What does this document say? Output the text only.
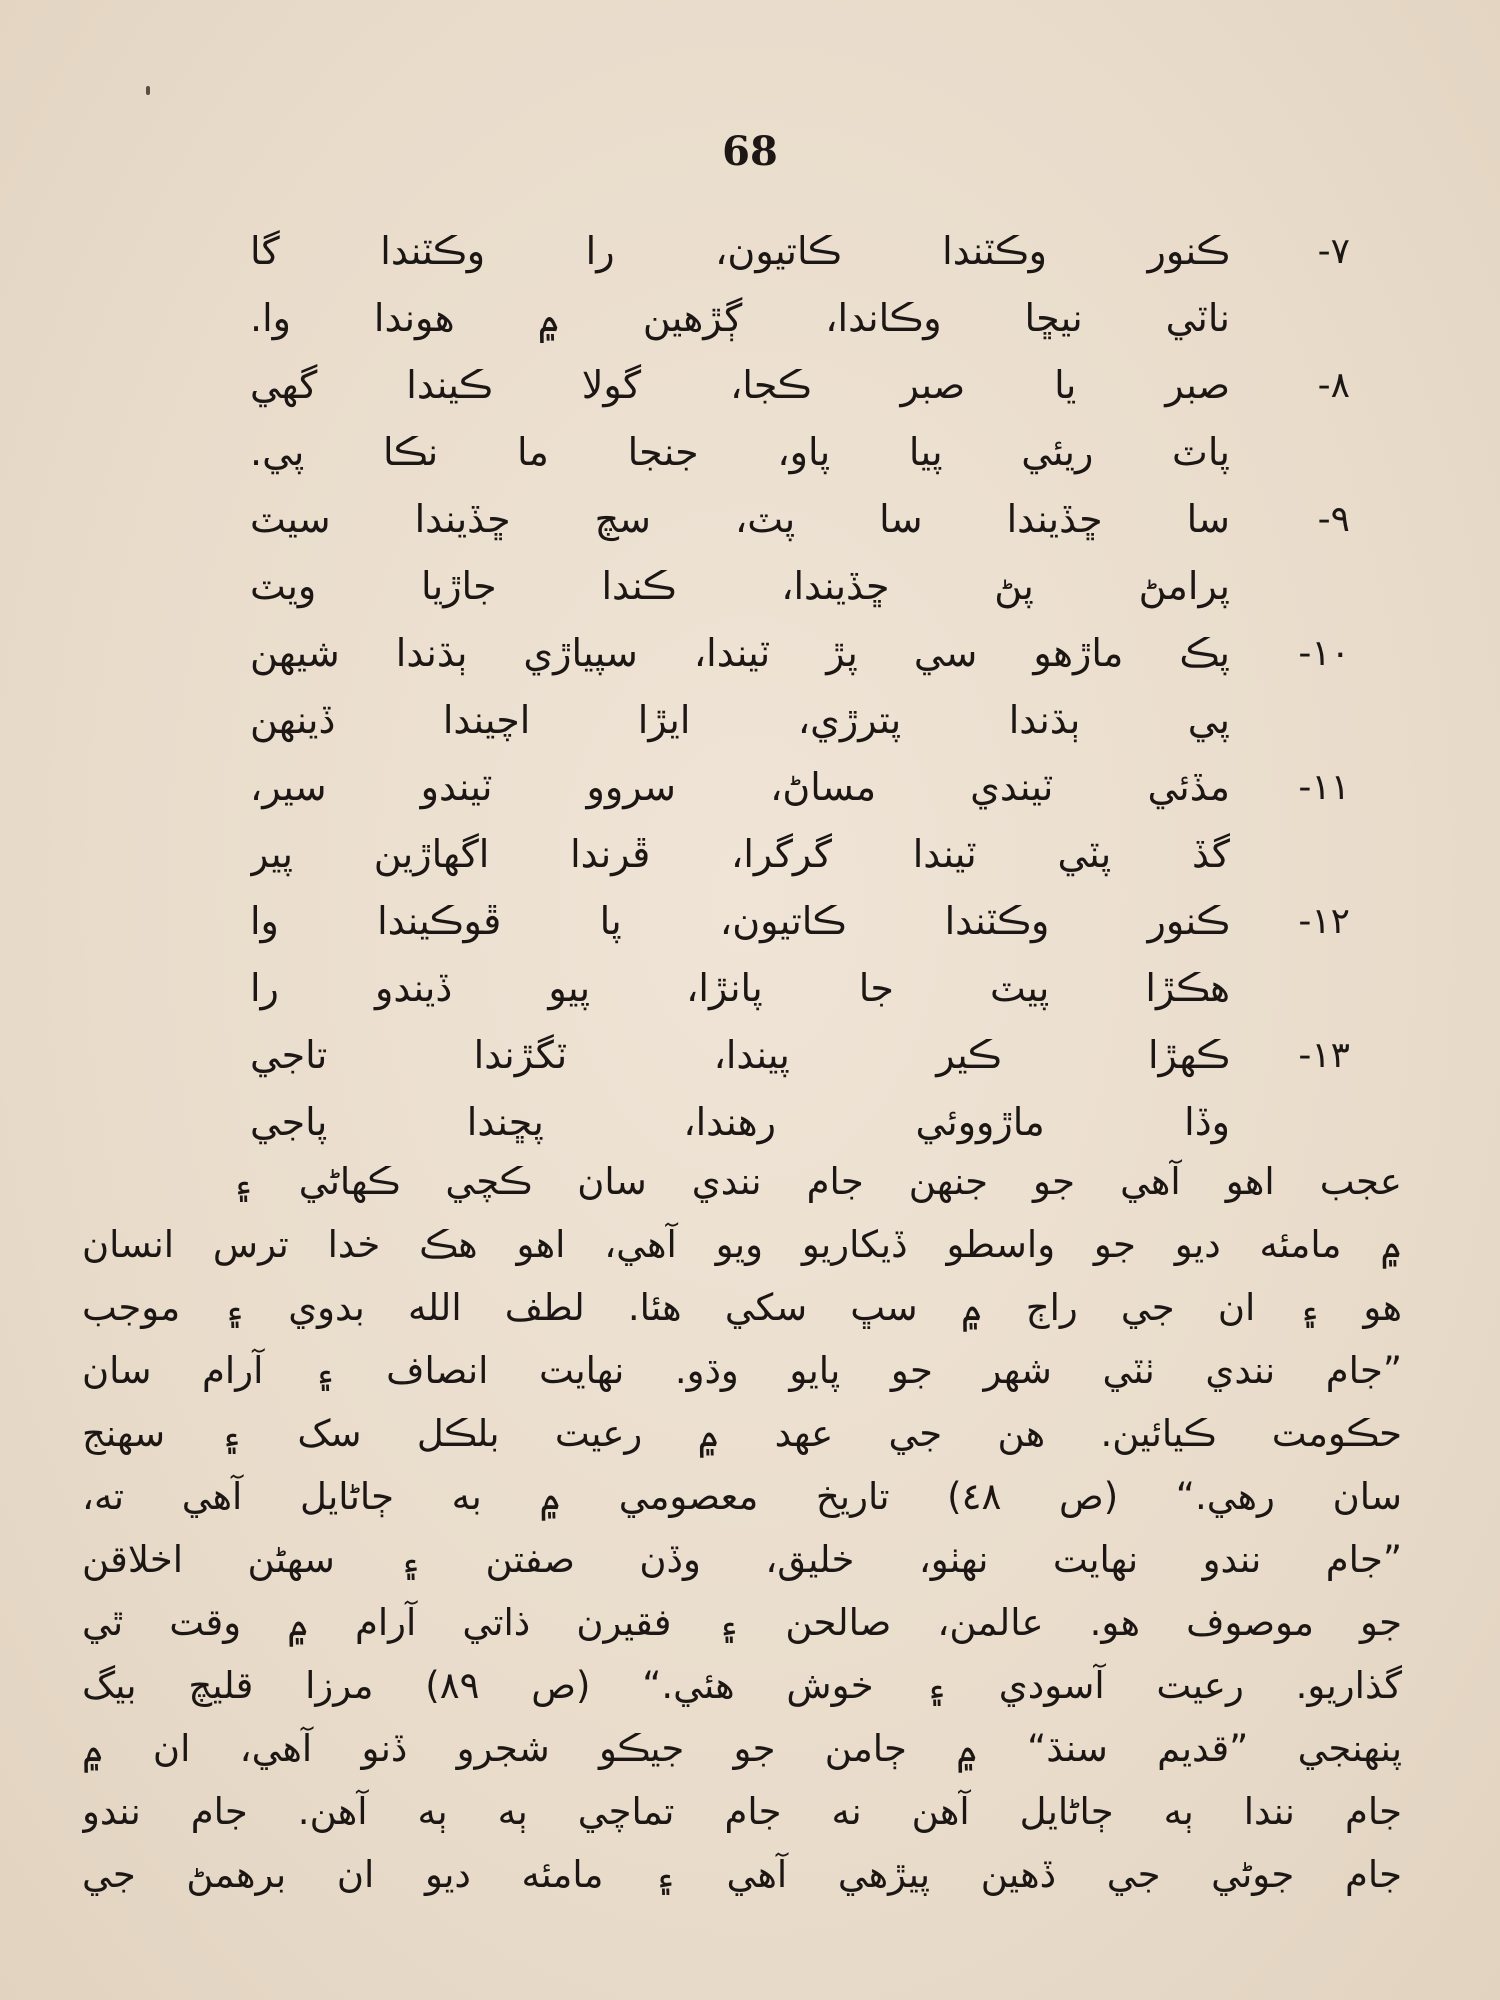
68
٧-
ڪنور وڪٽندا ڪاتيون، را وڪٽندا گا
ناٽي نيڇا وڪاندا، ڳڙهين ۾ هوندا وا.
٨-
صبر يا صبر ڪجا، گولا ڪيندا گهي
پاٽ ريئي پيا پاو، جنجا ما نڪا پي.
٩-
سا ڇڏيندا سا پٽ، سچ ڇڏيندا سيٽ
پرامڻ پڻ ڇڏيندا، ڪندا جاڙيا ويٽ
١٠-
پڪ ماڙهو سي پڙ ٽيندا، سپياڙي ٻڌندا شيهن
پي ٻڌندا پترڙي، ايڙا اچيندا ڏينهن
١١-
مڏئي ٽيندي مساڻ، سروو ٽيندو سير،
گڏ پٽي ٽيندا گرگرا، ڦرندا اگهاڙين پير
١٢-
ڪنور وڪٽندا ڪاتيون، پا ڦوڪيندا وا
هڪڙا پيٽ جا پانڙا، پيو ڏيندو را
١٣-
ڪهڙا ڪير پيندا، ٽگڙندا تاجي
وڏا ماڙووئي رهندا، پڇندا پاجي
عجب اهو آهي جو جنهن جام نندي سان ڪچي ڪهاڻي ۽
۾ مامئه ديو جو واسطو ڏيکاريو ويو آهي، اهو هڪ خدا ترس انسان
هو ۽ ان جي راڄ ۾ سڀ سکي هئا. لطف الله بدوي ۽ موجب
”جام نندي ٺٽي شهر جو پايو وڌو. نهايت انصاف ۽ آرام سان
حڪومت ڪيائين. هن جي عهد ۾ رعيت بلڪل سک ۽ سهنج
سان رهي.“ (ص ٤٨) تاريخ معصومي ۾ به ڄاڻايل آهي ته،
”جام نندو نهايت نهٺو، خليق، وڏن صفتن ۽ سهڻن اخلاقن
جو موصوف هو. عالمن، صالحن ۽ فقيرن ذاتي آرام ۾ وقت ٿي
گذاريو. رعيت آسودي ۽ خوش هئي.“ (ص ٨٩) مرزا قليچ بيگ
پنهنجي ”قديم سنڌ“ ۾ ڄامن جو جيڪو شجرو ڏنو آهي، ان ۾
جام نندا ٻه ڄاڻايل آهن نه جام تماچي ٻه ٻه آهن. جام نندو
جام جوڻي جي ڏهين پيڙهي آهي ۽ مامئه ديو ان برهمڻ جي
